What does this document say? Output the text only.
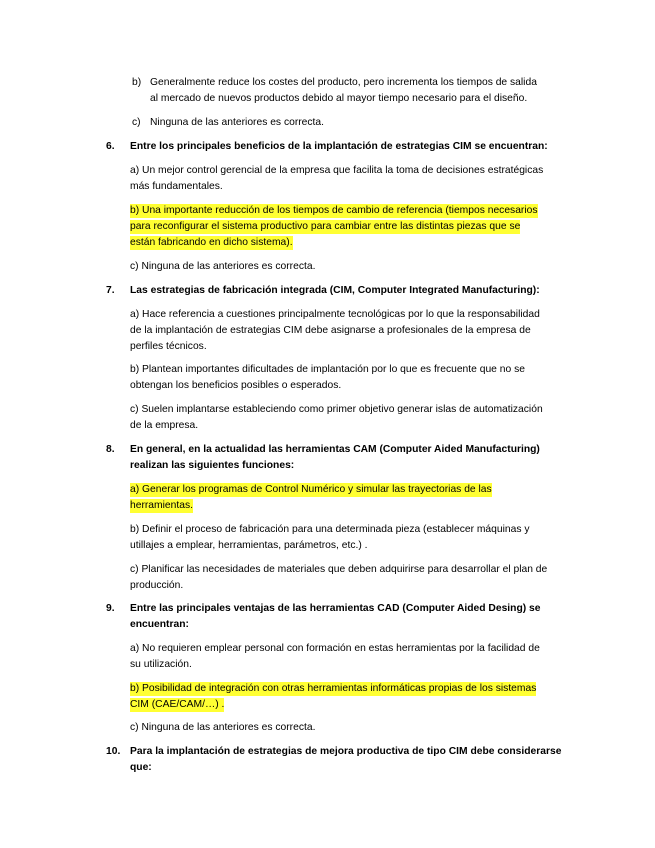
b) Generalmente reduce los costes del producto, pero incrementa los tiempos de salida
al mercado de nuevos productos debido al mayor tiempo necesario para el diseño.
c) Ninguna de las anteriores es correcta.
6. Entre los principales beneficios de la implantación de estrategias CIM se encuentran:
a) Un mejor control gerencial de la empresa que facilita la toma de decisiones estratégicas
más fundamentales.
b) Una importante reducción de los tiempos de cambio de referencia (tiempos necesarios
para reconfigurar el sistema productivo para cambiar entre las distintas piezas que se
están fabricando en dicho sistema).
c) Ninguna de las anteriores es correcta.
7. Las estrategias de fabricación integrada (CIM, Computer Integrated Manufacturing):
a) Hace referencia a cuestiones principalmente tecnológicas por lo que la responsabilidad
de la implantación de estrategias CIM debe asignarse a profesionales de la empresa de
perfiles técnicos.
b) Plantean importantes dificultades de implantación por lo que es frecuente que no se
obtengan los beneficios posibles o esperados.
c) Suelen implantarse estableciendo como primer objetivo generar islas de automatización
de la empresa.
8. En general, en la actualidad las herramientas CAM (Computer Aided Manufacturing)
realizan las siguientes funciones:
a) Generar los programas de Control Numérico y simular las trayectorias de las
herramientas.
b) Definir el proceso de fabricación para una determinada pieza (establecer máquinas y
utillajes a emplear, herramientas, parámetros, etc.) .
c) Planificar las necesidades de materiales que deben adquirirse para desarrollar el plan de
producción.
9. Entre las principales ventajas de las herramientas CAD (Computer Aided Desing) se
encuentran:
a) No requieren emplear personal con formación en estas herramientas por la facilidad de
su utilización.
b) Posibilidad de integración con otras herramientas informáticas propias de los sistemas
CIM (CAE/CAM/…) .
c) Ninguna de las anteriores es correcta.
10. Para la implantación de estrategias de mejora productiva de tipo CIM debe considerarse
que:
